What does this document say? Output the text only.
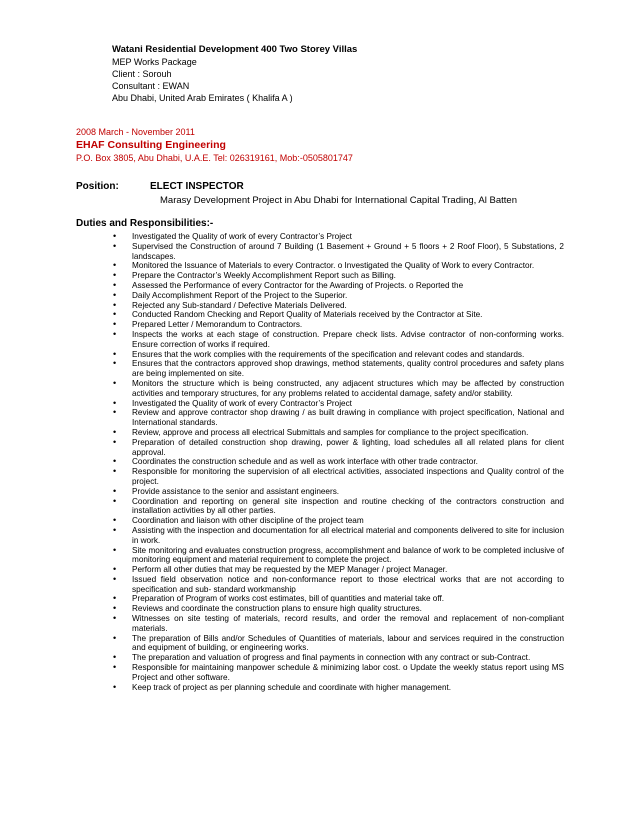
Watani Residential Development 400 Two Storey Villas
MEP Works Package
Client : Sorouh
Consultant : EWAN
Abu Dhabi, United Arab Emirates ( Khalifa A )
2008 March - November 2011
EHAF Consulting Engineering
P.O. Box 3805, Abu Dhabi, U.A.E. Tel: 026319161, Mob:-0505801747
Position:	ELECT INSPECTOR
Marasy Development Project in Abu Dhabi for International Capital Trading, Al Batten
Duties and Responsibilities:-
• Investigated the Quality of work of every Contractor’s Project
• Supervised the Construction of around 7 Building (1 Basement + Ground + 5 floors + 2 Roof Floor), 5 Substations, 2 landscapes.
• Monitored the Issuance of Materials to every Contractor. o Investigated the Quality of Work to every Contractor.
• Prepare the Contractor’s Weekly Accomplishment Report such as Billing.
• Assessed the Performance of every Contractor for the Awarding of Projects. o Reported the
• Daily Accomplishment Report of the Project to the Superior.
• Rejected any Sub-standard / Defective Materials Delivered.
• Conducted Random Checking and Report Quality of Materials received by the Contractor at Site.
• Prepared Letter / Memorandum to Contractors.
• Inspects the works at each stage of construction. Prepare check lists. Advise contractor of non-conforming works. Ensure correction of works if required.
• Ensures that the work complies with the requirements of the specification and relevant codes and standards.
• Ensures that the contractors approved shop drawings, method statements, quality control procedures and safety plans are being implemented on site.
• Monitors the structure which is being constructed, any adjacent structures which may be affected by construction activities and temporary structures, for any problems related to accidental damage, safety and/or stability.
• Investigated the Quality of work of every Contractor’s Project
• Review and approve contractor shop drawing / as built drawing in compliance with project specification, National and International standards.
• Review, approve and process all electrical Submittals and samples for compliance to the project specification.
• Preparation of detailed construction shop drawing, power & lighting, load schedules all all related plans for client approval.
• Coordinates the construction schedule and as well as work interface with other trade contractor.
• Responsible for monitoring the supervision of all electrical activities, associated inspections and Quality control of the project.
• Provide assistance to the senior and assistant engineers.
• Coordination and reporting on general site inspection and routine checking of the contractors construction and installation activities by all other parties.
• Coordination and liaison with other discipline of the project team
• Assisting with the inspection and documentation for all electrical material and components delivered to site for inclusion in work.
• Site monitoring and evaluates construction progress, accomplishment and balance of work to be completed inclusive of monitoring equipment and material requirement to complete the project.
• Perform all other duties that may be requested by the MEP Manager / project Manager.
• Issued field observation notice and non-conformance report to those electrical works that are not according to specification and sub- standard workmanship
• Preparation of Program of works cost estimates, bill of quantities and material take off.
• Reviews and coordinate the construction plans to ensure high quality structures.
• Witnesses on site testing of materials, record results, and order the removal and replacement of non-compliant materials.
• The preparation of Bills and/or Schedules of Quantities of materials, labour and services required in the construction and equipment of building, or engineering works.
• The preparation and valuation of progress and final payments in connection with any contract or sub-Contract.
• Responsible for maintaining manpower schedule & minimizing labor cost. o Update the weekly status report using MS Project and other software.
• Keep track of project as per planning schedule and coordinate with higher management.
